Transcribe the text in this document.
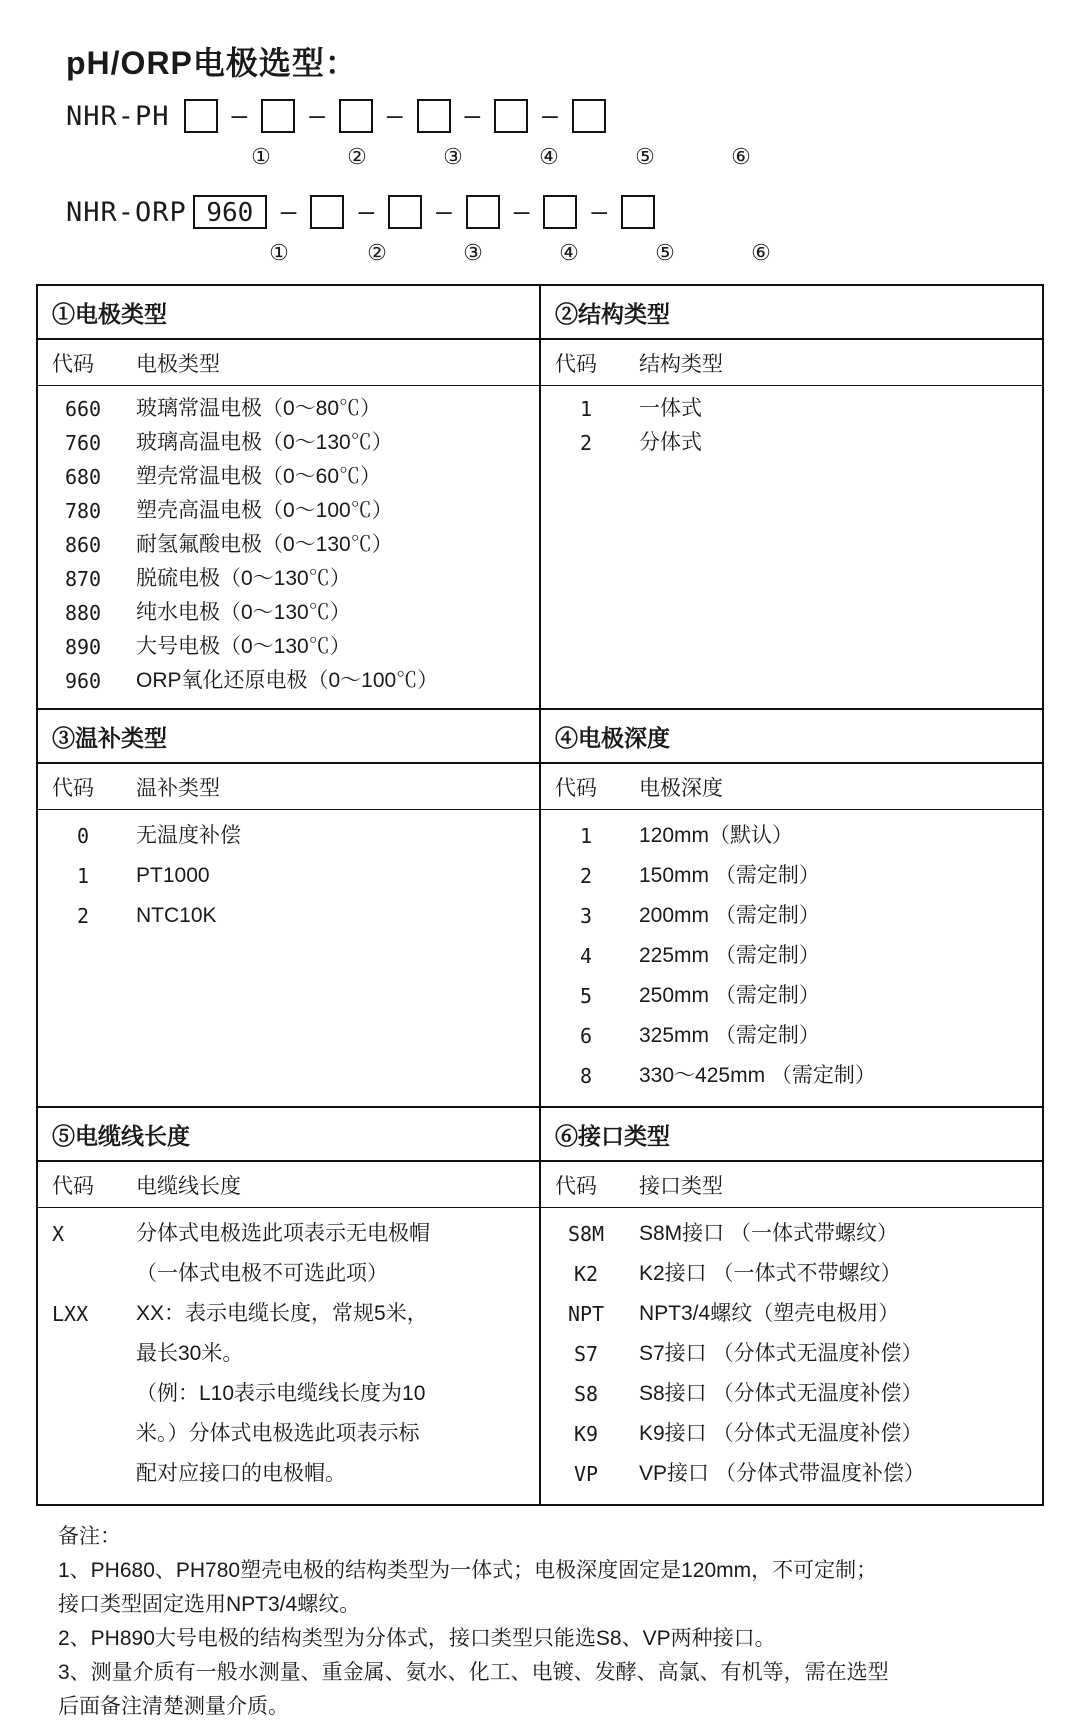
pH/ORP电极选型：
NHR-PH	—	—	—	—	—
①	②	③	④	⑤	⑥
NHR-ORP 960	—	—	—	—	—
①	②	③	④	⑤	⑥
①电极类型
代码	电极类型
660	玻璃常温电极（0～80℃）
760	玻璃高温电极（0～130℃）
680	塑壳常温电极（0～60℃）
780	塑壳高温电极（0～100℃）
860	耐氢氟酸电极（0～130℃）
870	脱硫电极（0～130℃）
880	纯水电极（0～130℃）
890	大号电极（0～130℃）
960	ORP氧化还原电极（0～100℃）

②结构类型
代码	结构类型
1	一体式
2	分体式

③温补类型
代码	温补类型
0	无温度补偿
1	PT1000
2	NTC10K

④电极深度
代码	电极深度
1	120mm（默认）
2	150mm （需定制）
3	200mm （需定制）
4	225mm （需定制）
5	250mm （需定制）
6	325mm （需定制）
8	330～425mm （需定制）

⑤电缆线长度
代码	电缆线长度
X	分体式电极选此项表示无电极帽
（一体式电极不可选此项）
LXX	XX：表示电缆长度，常规5米，
最长30米。
（例：L10表示电缆线长度为10
米。）分体式电极选此项表示标
配对应接口的电极帽。

⑥接口类型
代码	接口类型
S8M	S8M接口 （一体式带螺纹）
K2	K2接口 （一体式不带螺纹）
NPT	NPT3/4螺纹（塑壳电极用）
S7	S7接口 （分体式无温度补偿）
S8	S8接口 （分体式无温度补偿）
K9	K9接口 （分体式无温度补偿）
VP	VP接口 （分体式带温度补偿）
备注：
1、PH680、PH780塑壳电极的结构类型为一体式；电极深度固定是120mm，不可定制；
接口类型固定选用NPT3/4螺纹。
2、PH890大号电极的结构类型为分体式，接口类型只能选S8、VP两种接口。
3、测量介质有一般水测量、重金属、氨水、化工、电镀、发酵、高氯、有机等，需在选型
后面备注清楚测量介质。
